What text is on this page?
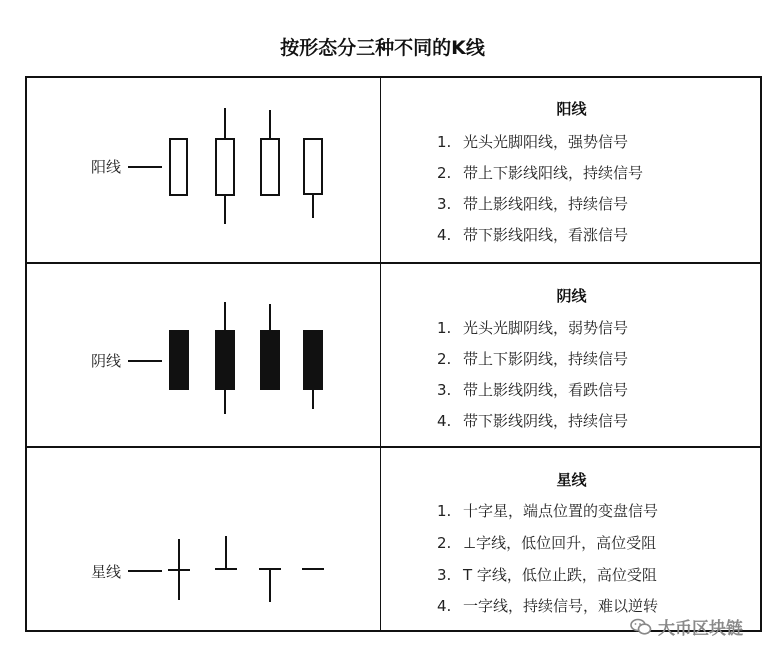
按形态分三种不同的K线
阳线
阳线
1. 光头光脚阳线，强势信号
2. 带上下影线阳线，持续信号
3. 带上影线阳线，持续信号
4. 带下影线阳线，看涨信号
阴线
阴线
1. 光头光脚阴线，弱势信号
2. 带上下影阴线，持续信号
3. 带上影线阴线，看跌信号
4. 带下影线阴线，持续信号
星线
星线
1. 十字星，端点位置的变盘信号
2. ⊥字线，低位回升，高位受阻
3. T 字线，低位止跌，高位受阻
4. 一字线，持续信号，难以逆转
大币区块链
